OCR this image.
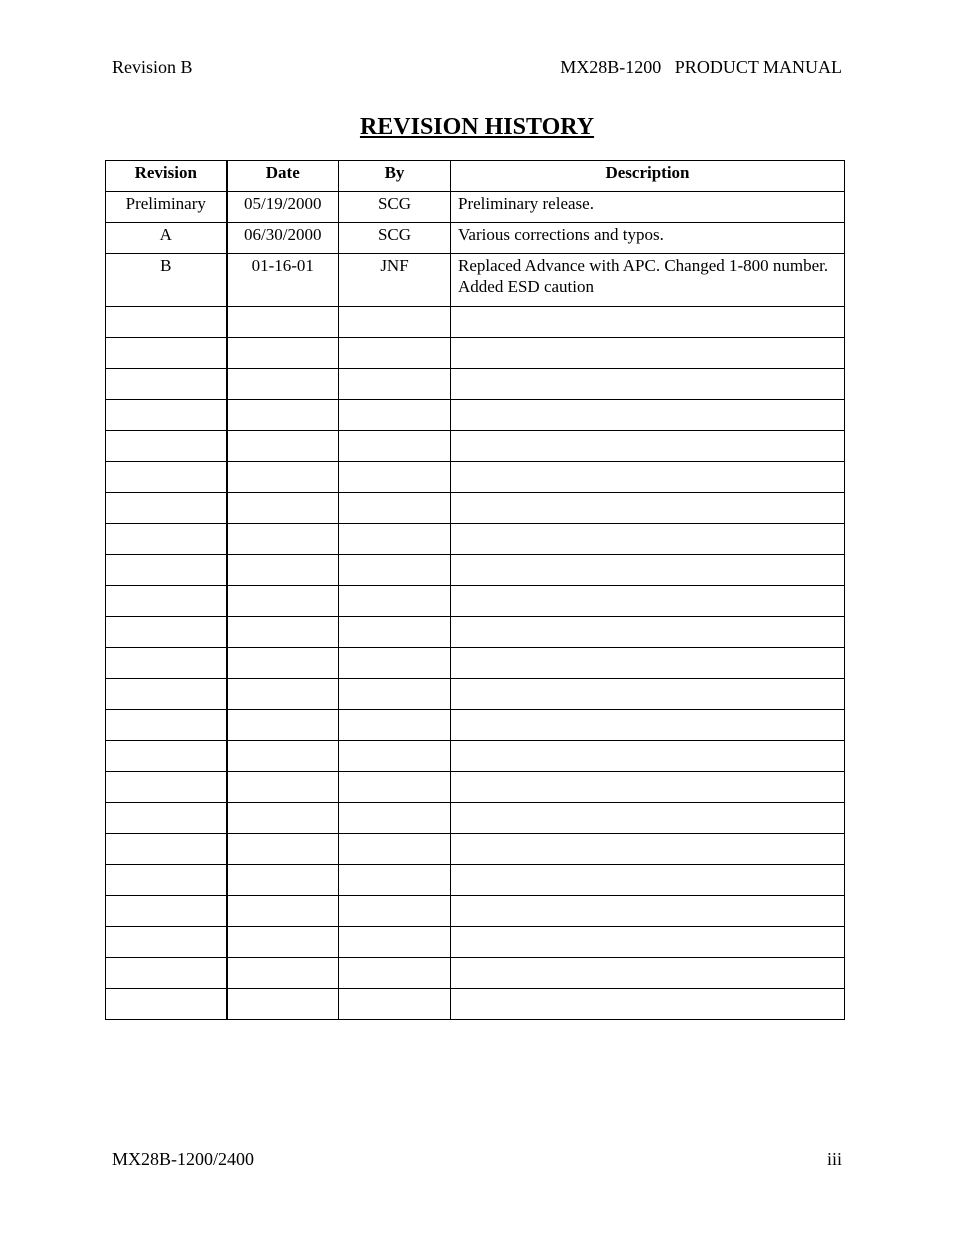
Revision B	MX28B-1200   PRODUCT MANUAL
REVISION HISTORY
Revision	Date	By	Description
Preliminary	05/19/2000	SCG	Preliminary release.
A	06/30/2000	SCG	Various corrections and typos.
B	01-16-01	JNF	Replaced Advance with APC. Changed 1-800 number. Added ESD caution

MX28B-1200/2400	iii
